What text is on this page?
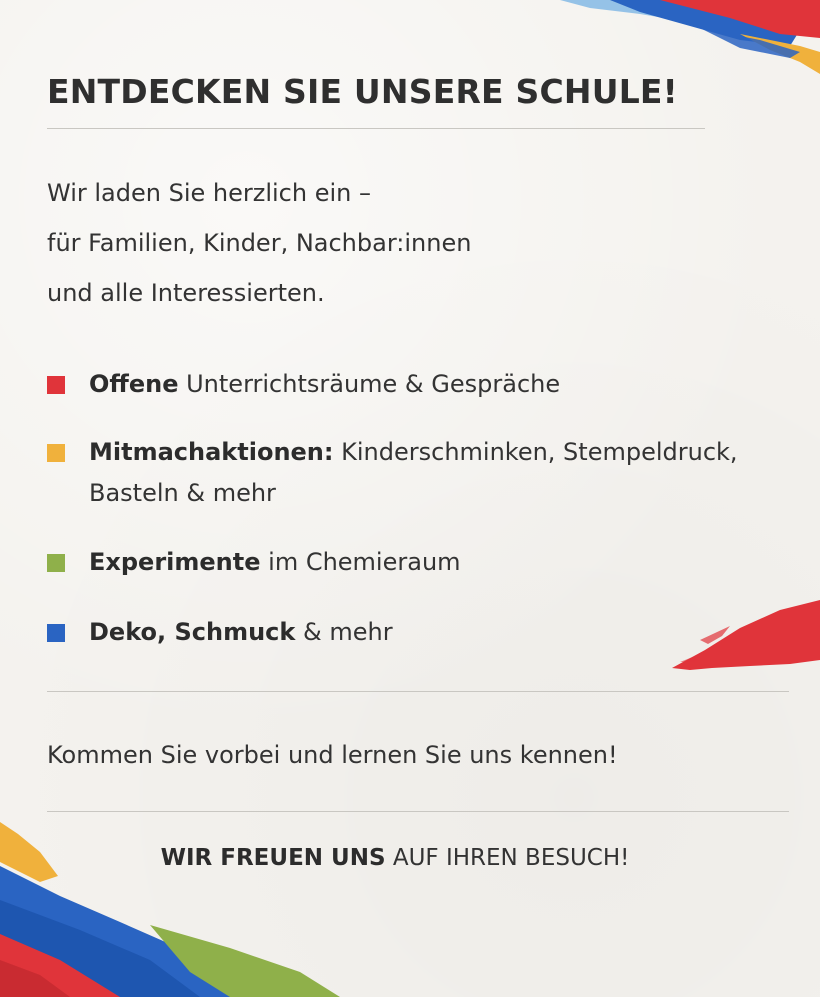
ENTDECKEN SIE UNSERE SCHULE!

Wir laden Sie herzlich ein –
für Familien, Kinder, Nachbar:innen
und alle Interessierten.

Offene Unterrichtsräume & Gespräche
Mitmachaktionen: Kinderschminken, Stempeldruck,
Basteln & mehr
Experimente im Chemieraum
Deko, Schmuck & mehr

Kommen Sie vorbei und lernen Sie uns kennen!

WIR FREUEN UNS AUF IHREN BESUCH!
